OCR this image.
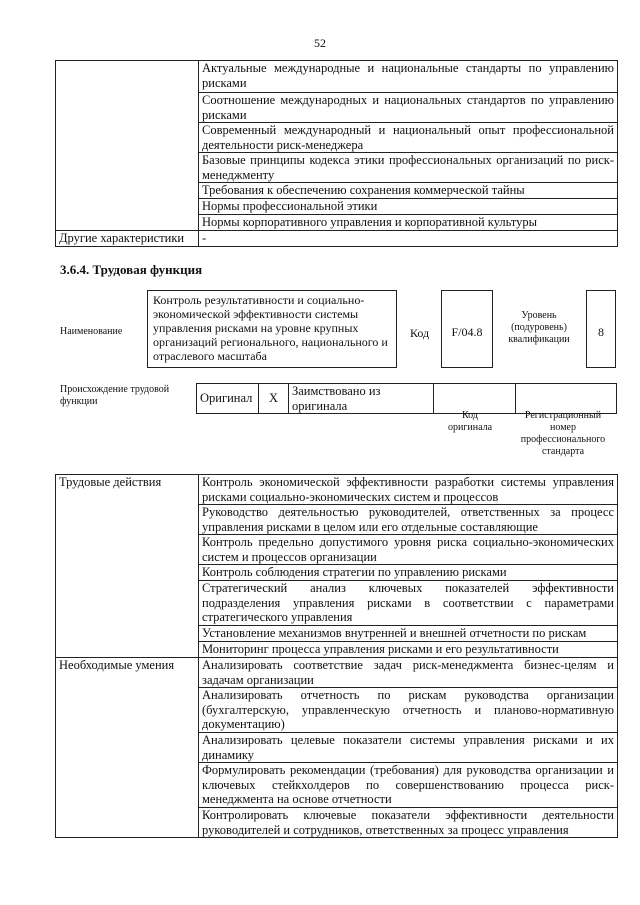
52
	Актуальные международные и национальные стандарты по управлению рисками
	Соотношение международных и национальных стандартов по управлению рисками
	Современный международный и национальный опыт профессиональной деятельности риск-менеджера
	Базовые принципы кодекса этики профессиональных организаций по риск-менеджменту
	Требования к обеспечению сохранения коммерческой тайны
	Нормы профессиональной этики
	Нормы корпоративного управления и корпоративной культуры
Другие характеристики	-
3.6.4. Трудовая функция
Наименование
Контроль результативности и социально-экономической эффективности системы управления рисками на уровне крупных организаций регионального, национального и отраслевого масштаба
Код	F/04.8
Уровень (подуровень) квалификации
8
Происхождение трудовой функции	Оригинал	X	Заимствовано из оригинала		
Код оригинала
Регистрационный номер профессионального стандарта
Трудовые действия	Контроль экономической эффективности разработки системы управления рисками социально-экономических систем и процессов
	Руководство деятельностью руководителей, ответственных за процесс управления рисками в целом или его отдельные составляющие
	Контроль предельно допустимого уровня риска социально-экономических систем и процессов организации
	Контроль соблюдения стратегии по управлению рисками
	Стратегический анализ ключевых показателей эффективности подразделения управления рисками в соответствии с параметрами стратегического управления
	Установление механизмов внутренней и внешней отчетности по рискам
	Мониторинг процесса управления рисками и его результативности
Необходимые умения	Анализировать соответствие задач риск-менеджмента бизнес-целям и задачам организации
	Анализировать отчетность по рискам руководства организации (бухгалтерскую, управленческую отчетность и планово-нормативную документацию)
	Анализировать целевые показатели системы управления рисками и их динамику
	Формулировать рекомендации (требования) для руководства организации и ключевых стейкхолдеров по совершенствованию процесса риск-менеджмента на основе отчетности
	Контролировать ключевые показатели эффективности деятельности руководителей и сотрудников, ответственных за процесс управления
